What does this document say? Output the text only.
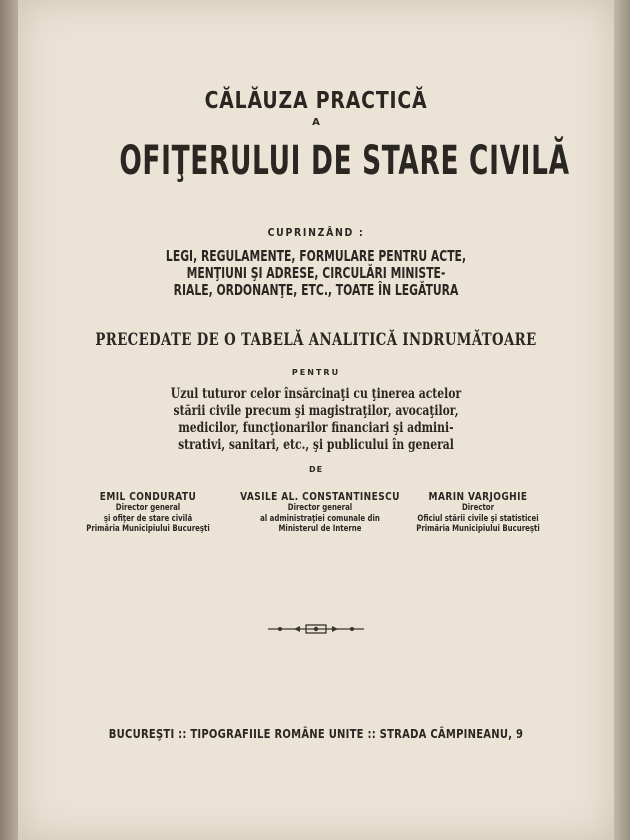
CĂLĂUZA PRACTICĂ
A
OFIŢERULUI DE STARE CIVILĂ
CUPRINZÂND :
LEGI, REGULAMENTE, FORMULARE PENTRU ACTE,
MENŢIUNI ŞI ADRESE, CIRCULĂRI MINISTE-
RIALE, ORDONANŢE, ETC., TOATE ÎN LEGĂTURA
PRECEDATE DE O TABELĂ ANALITICĂ INDRUMĂTOARE
PENTRU
Uzul tuturor celor însărcinaţi cu ţinerea actelor
stării civile precum şi magistraţilor, avocaţilor,
medicilor, funcţionarilor financiari şi admini-
strativi, sanitari, etc., şi publicului în general
DE
EMIL CONDURATU
Director general
şi ofiţer de stare civilă
Primăria Municipiului Bucureşti
VASILE AL. CONSTANTINESCU
Director general
al administraţiei comunale din
Ministerul de Interne
MARIN VARJOGHIE
Director
Oficiul stării civile şi statisticei
Primăria Municipiului Bucureşti
BUCUREŞTI :: TIPOGRAFIILE ROMÂNE UNITE :: STRADA CÂMPINEANU, 9
